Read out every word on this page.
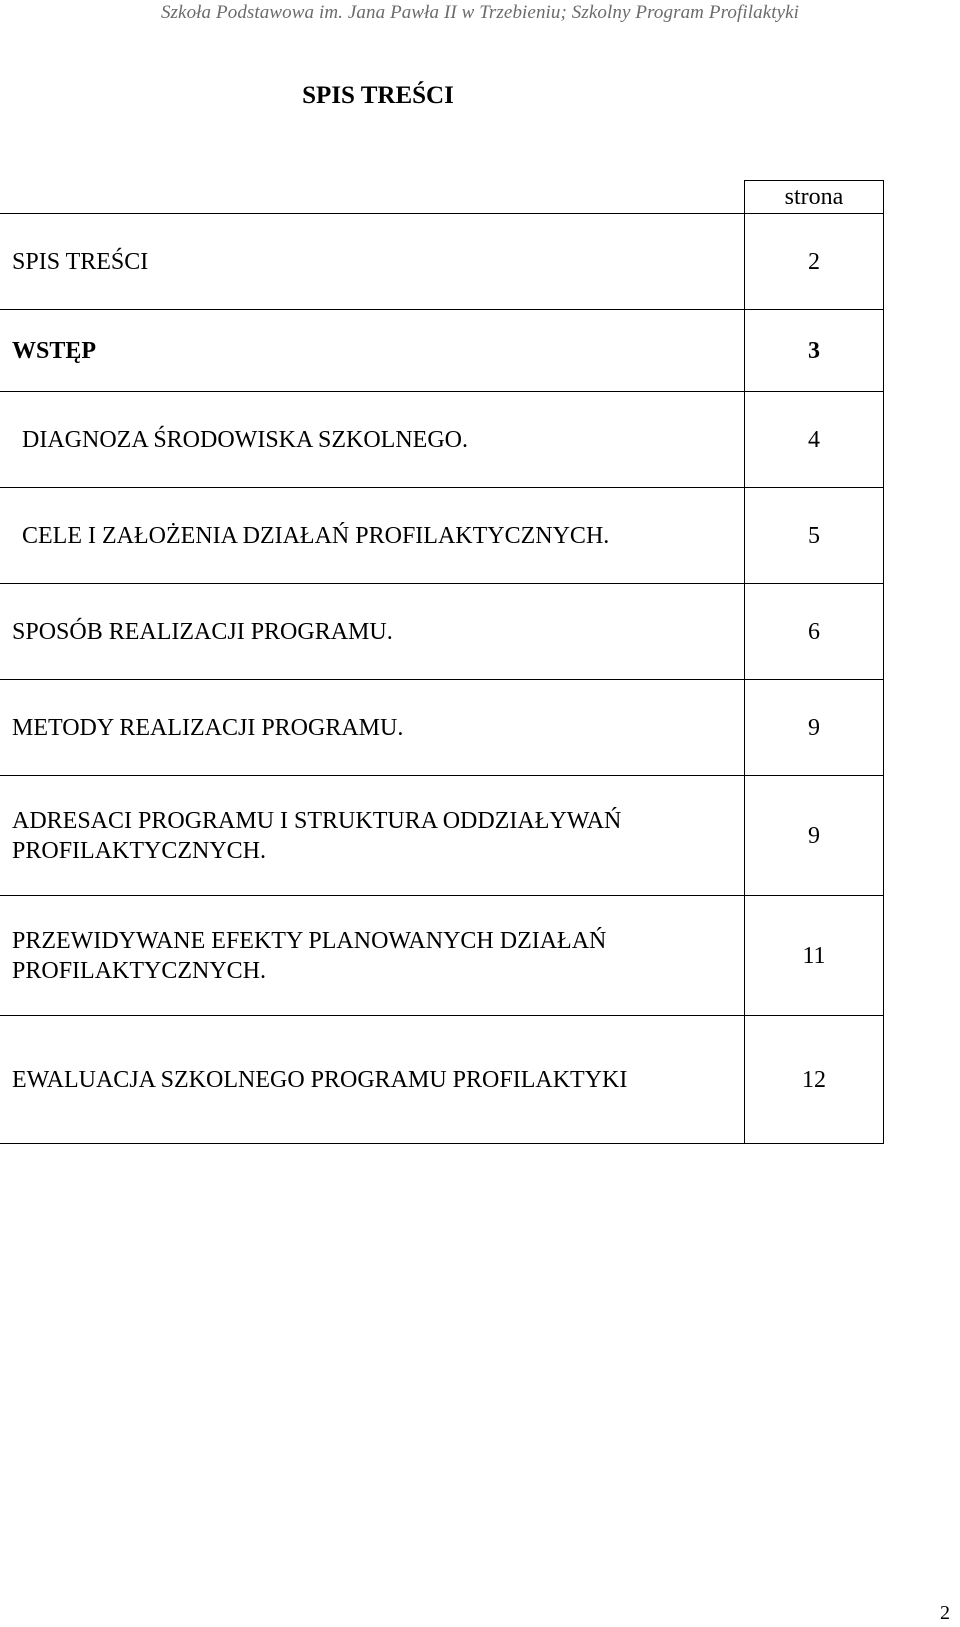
Szkoła Podstawowa im. Jana Pawła II w Trzebieniu; Szkolny Program Profilaktyki
SPIS TREŚCI
	strona
SPIS TREŚCI	2
WSTĘP	3
DIAGNOZA ŚRODOWISKA SZKOLNEGO.	4
CELE I ZAŁOŻENIA DZIAŁAŃ PROFILAKTYCZNYCH.	5
SPOSÓB REALIZACJI PROGRAMU.	6
METODY REALIZACJI PROGRAMU.	9
ADRESACI PROGRAMU I STRUKTURA ODDZIAŁYWAŃ PROFILAKTYCZNYCH.	9
PRZEWIDYWANE EFEKTY PLANOWANYCH DZIAŁAŃ PROFILAKTYCZNYCH.	11
EWALUACJA SZKOLNEGO PROGRAMU PROFILAKTYKI	12
2
